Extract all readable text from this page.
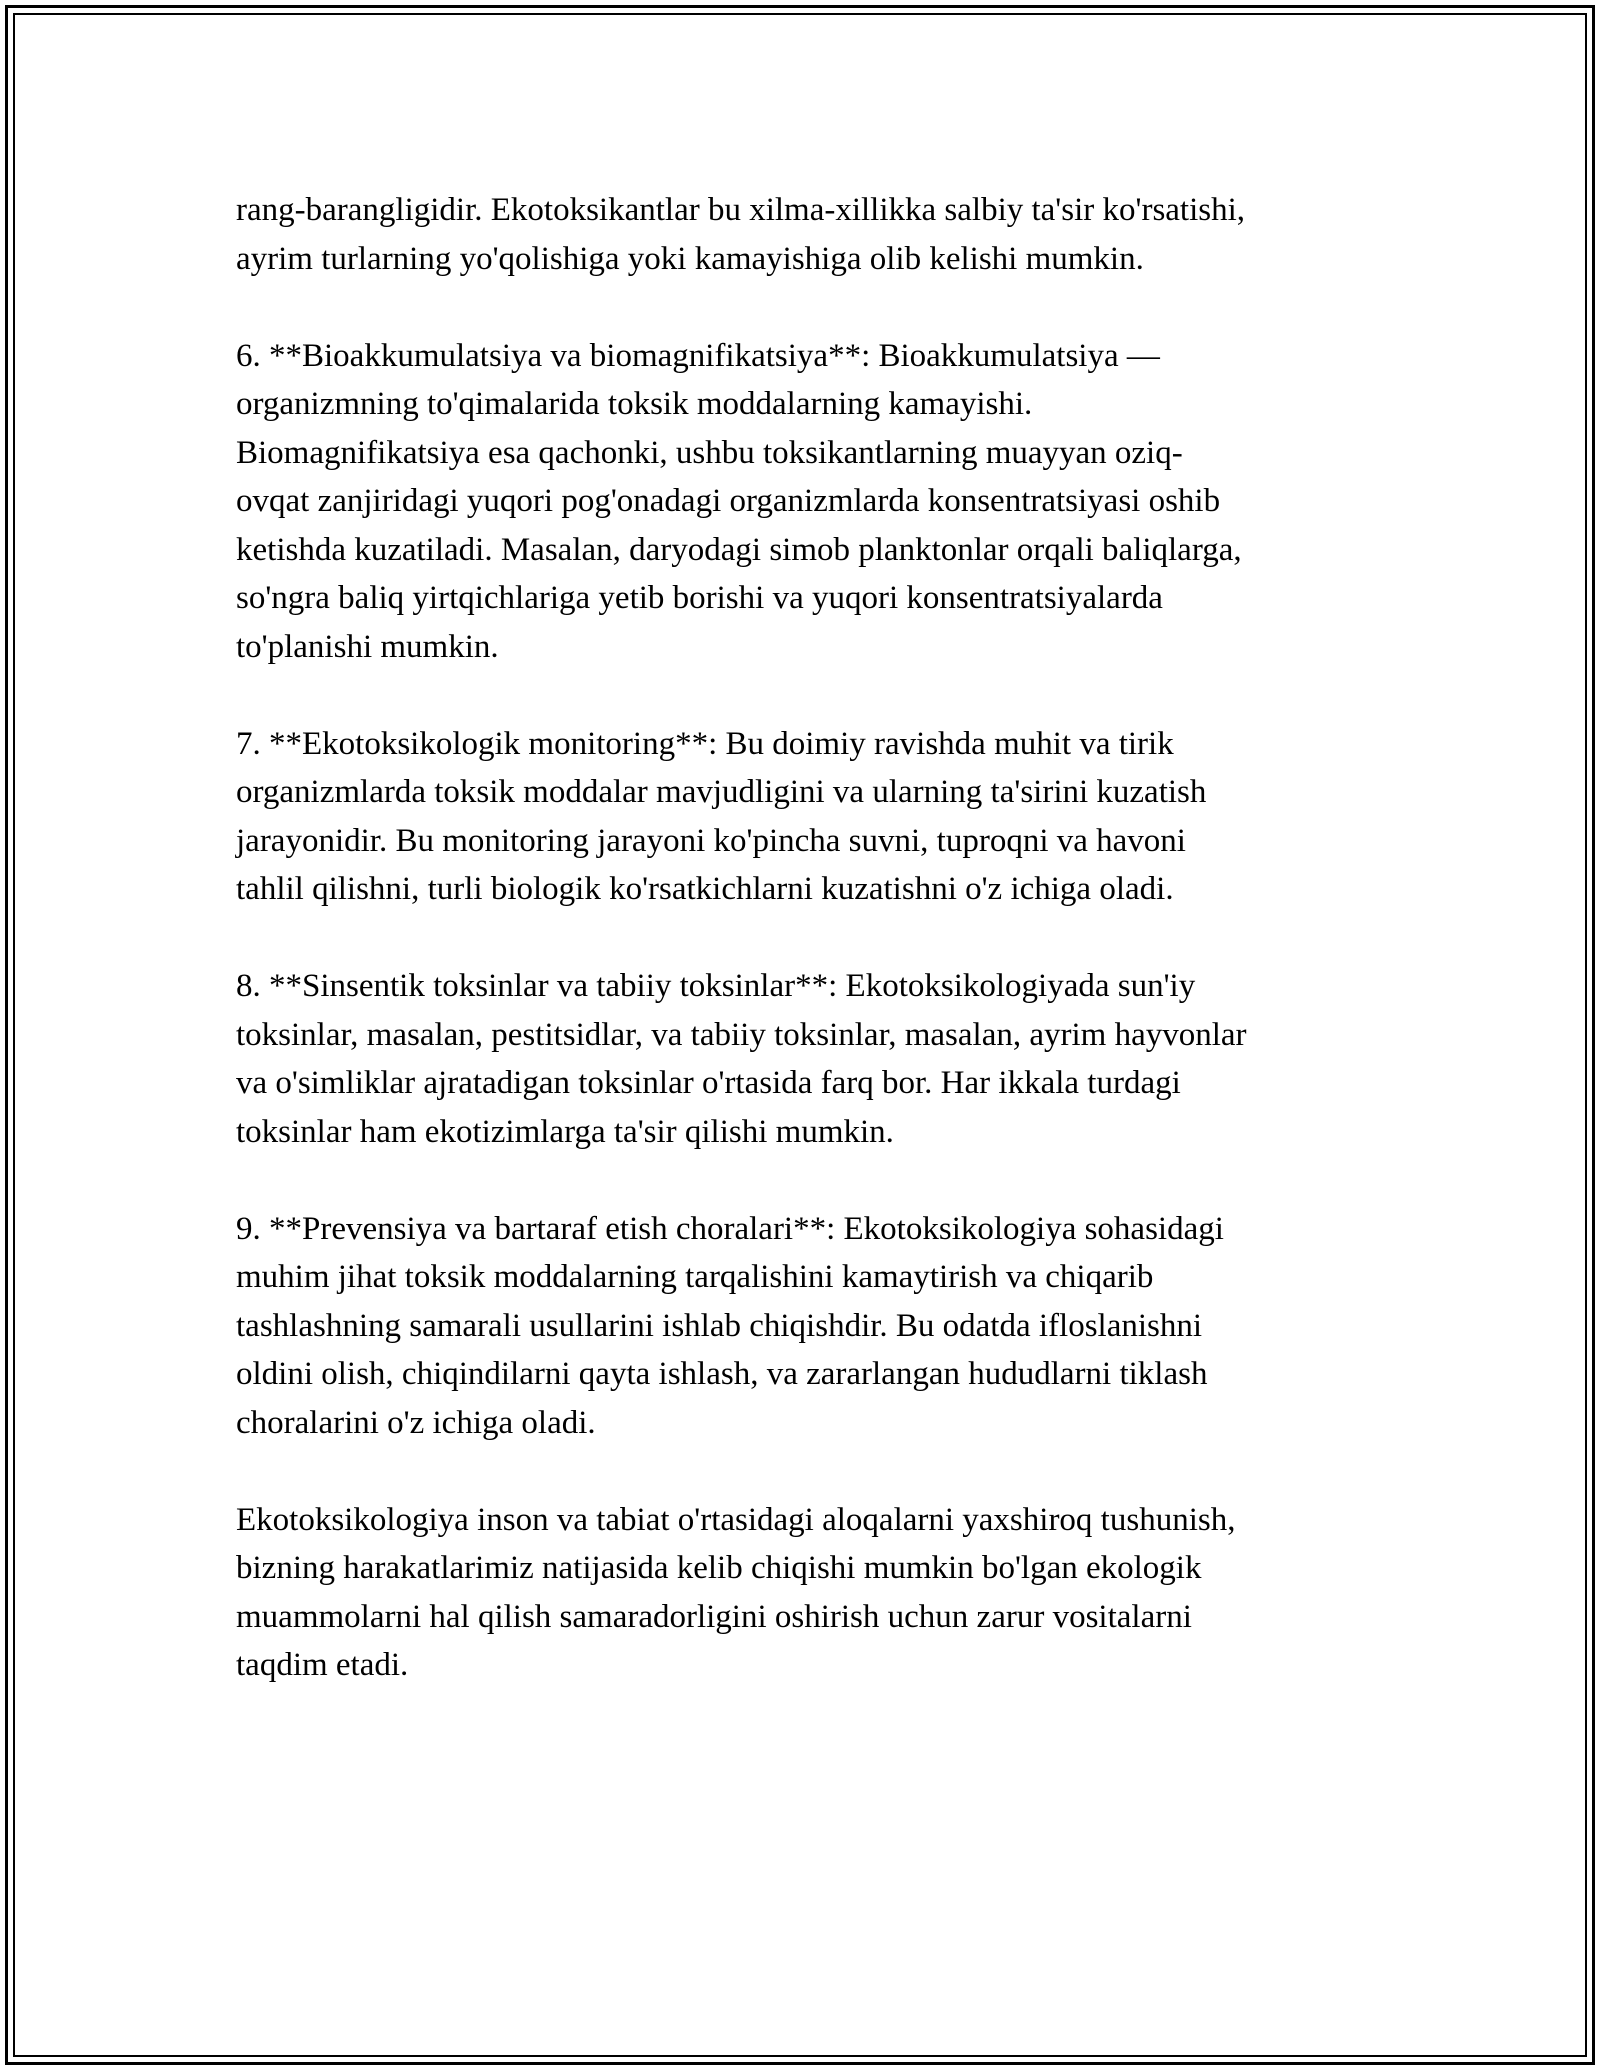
rang-barangligidir. Ekotoksikantlar bu xilma-xillikka salbiy ta'sir ko'rsatishi,
ayrim turlarning yo'qolishiga yoki kamayishiga olib kelishi mumkin.

6. **Bioakkumulatsiya va biomagnifikatsiya**: Bioakkumulatsiya —
organizmning to'qimalarida toksik moddalarning kamayishi.
Biomagnifikatsiya esa qachonki, ushbu toksikantlarning muayyan oziq-
ovqat zanjiridagi yuqori pog'onadagi organizmlarda konsentratsiyasi oshib
ketishda kuzatiladi. Masalan, daryodagi simob planktonlar orqali baliqlarga,
so'ngra baliq yirtqichlariga yetib borishi va yuqori konsentratsiyalarda
to'planishi mumkin.

7. **Ekotoksikologik monitoring**: Bu doimiy ravishda muhit va tirik
organizmlarda toksik moddalar mavjudligini va ularning ta'sirini kuzatish
jarayonidir. Bu monitoring jarayoni ko'pincha suvni, tuproqni va havoni
tahlil qilishni, turli biologik ko'rsatkichlarni kuzatishni o'z ichiga oladi.

8. **Sinsentik toksinlar va tabiiy toksinlar**: Ekotoksikologiyada sun'iy
toksinlar, masalan, pestitsidlar, va tabiiy toksinlar, masalan, ayrim hayvonlar
va o'simliklar ajratadigan toksinlar o'rtasida farq bor. Har ikkala turdagi
toksinlar ham ekotizimlarga ta'sir qilishi mumkin.

9. **Prevensiya va bartaraf etish choralari**: Ekotoksikologiya sohasidagi
muhim jihat toksik moddalarning tarqalishini kamaytirish va chiqarib
tashlashning samarali usullarini ishlab chiqishdir. Bu odatda ifloslanishni
oldini olish, chiqindilarni qayta ishlash, va zararlangan hududlarni tiklash
choralarini o'z ichiga oladi.

Ekotoksikologiya inson va tabiat o'rtasidagi aloqalarni yaxshiroq tushunish,
bizning harakatlarimiz natijasida kelib chiqishi mumkin bo'lgan ekologik
muammolarni hal qilish samaradorligini oshirish uchun zarur vositalarni
taqdim etadi.
